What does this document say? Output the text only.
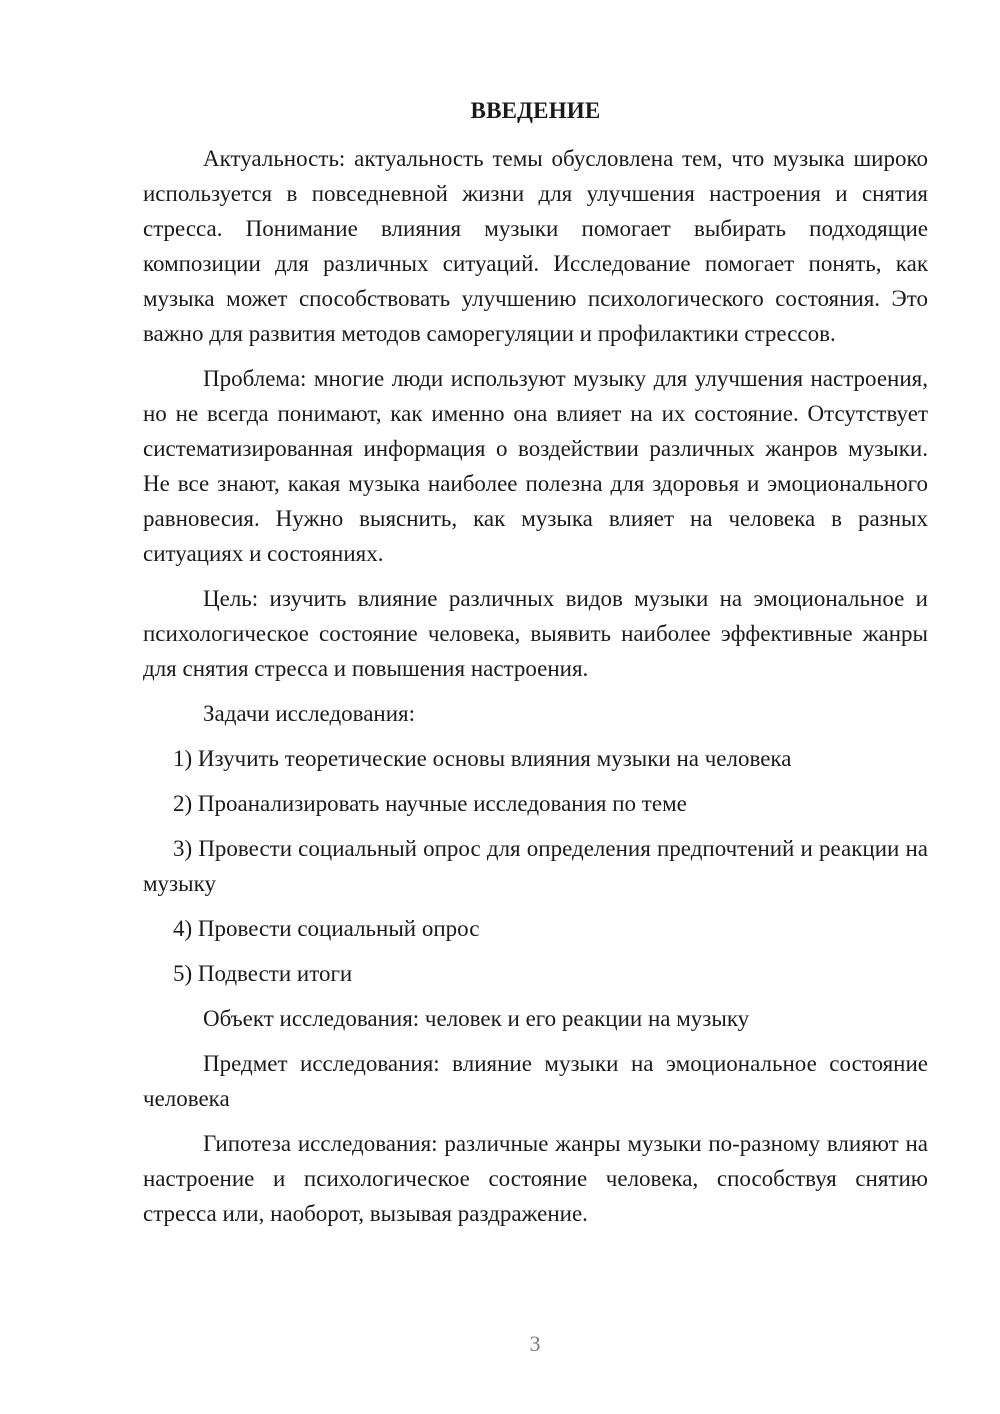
ВВЕДЕНИЕ

Актуальность: актуальность темы обусловлена тем, что музыка широко используется в повседневной жизни для улучшения настроения и снятия стресса. Понимание влияния музыки помогает выбирать подходящие композиции для различных ситуаций. Исследование помогает понять, как музыка может способствовать улучшению психологического состояния. Это важно для развития методов саморегуляции и профилактики стрессов.

Проблема: многие люди используют музыку для улучшения настроения, но не всегда понимают, как именно она влияет на их состояние. Отсутствует систематизированная информация о воздействии различных жанров музыки. Не все знают, какая музыка наиболее полезна для здоровья и эмоционального равновесия. Нужно выяснить, как музыка влияет на человека в разных ситуациях и состояниях.

Цель: изучить влияние различных видов музыки на эмоциональное и психологическое состояние человека, выявить наиболее эффективные жанры для снятия стресса и повышения настроения.

Задачи исследования:

1) Изучить теоретические основы влияния музыки на человека

2) Проанализировать научные исследования по теме

3) Провести социальный опрос для определения предпочтений и реакции на музыку

4) Провести социальный опрос

5) Подвести итоги

Объект исследования: человек и его реакции на музыку

Предмет исследования: влияние музыки на эмоциональное состояние человека

Гипотеза исследования: различные жанры музыки по-разному влияют на настроение и психологическое состояние человека, способствуя снятию стресса или, наоборот, вызывая раздражение.

3
